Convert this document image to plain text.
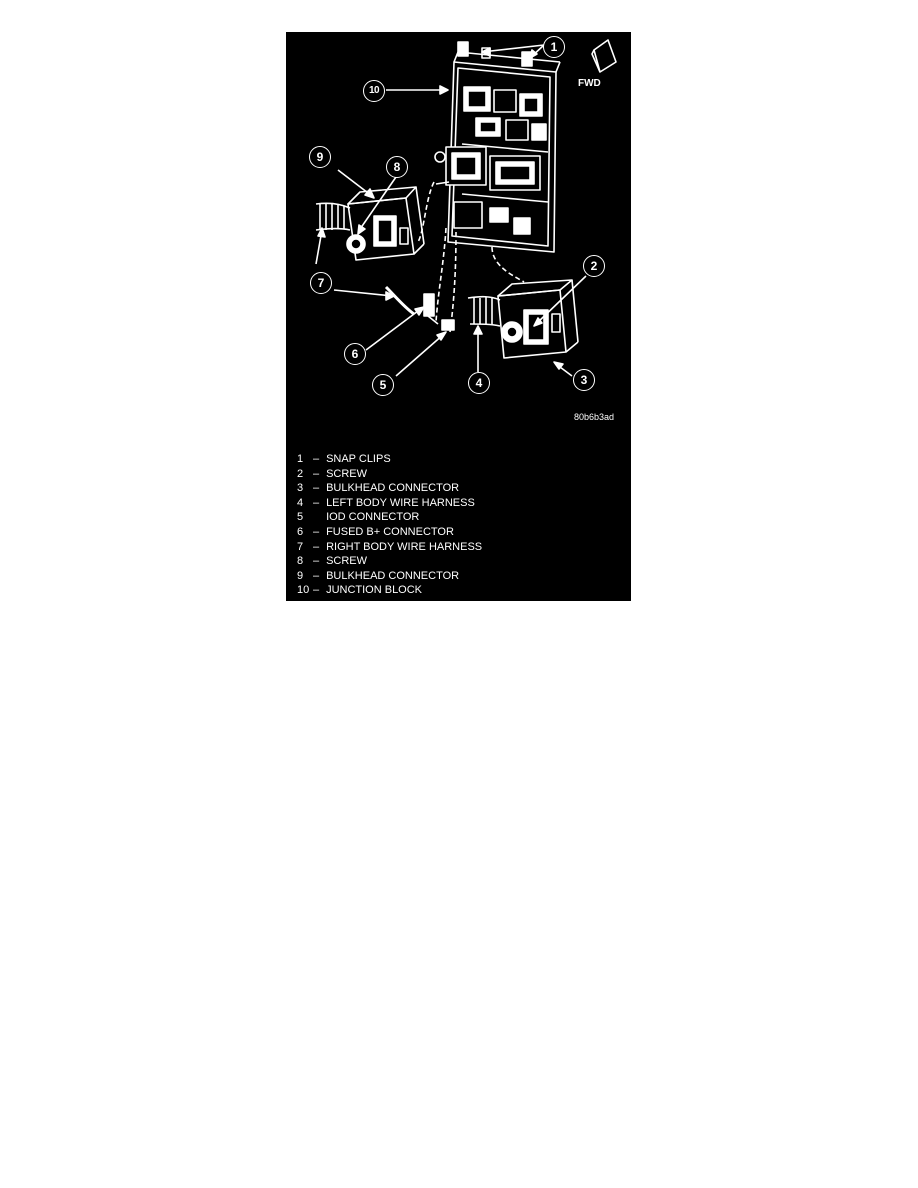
1
2
3
4
5
6
7
8
9
10
FWD
80b6b3ad
1 – SNAP CLIPS
2 – SCREW
3 – BULKHEAD CONNECTOR
4 – LEFT BODY WIRE HARNESS
5 IOD CONNECTOR
6 – FUSED B+ CONNECTOR
7 – RIGHT BODY WIRE HARNESS
8 – SCREW
9 – BULKHEAD CONNECTOR
10 – JUNCTION BLOCK
